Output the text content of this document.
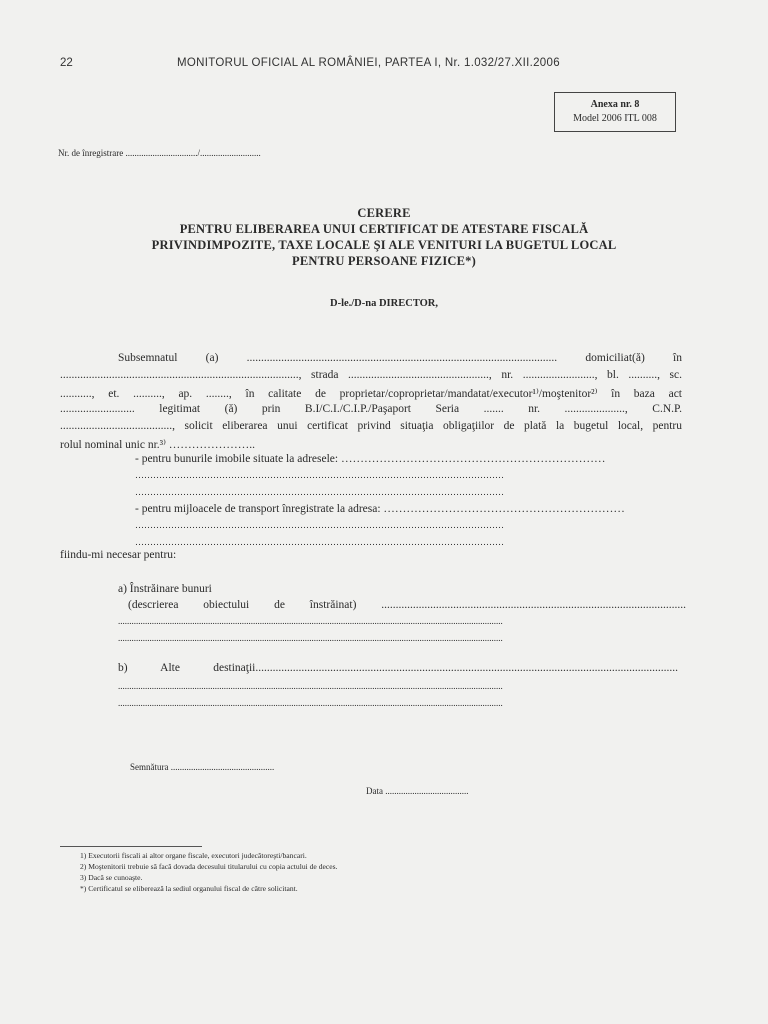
22	MONITORUL OFICIAL AL ROMÂNIEI, PARTEA I, Nr. 1.032/27.XII.2006
Anexa nr. 8
Model 2006 ITL 008
Nr. de înregistrare ................................/...........................
CERERE
PENTRU ELIBERAREA UNUI CERTIFICAT DE ATESTARE FISCALĂ
PRIVINDIMPOZITE, TAXE LOCALE ŞI ALE VENITURI LA BUGETUL LOCAL
PENTRU PERSOANE FIZICE*)
D-le./D-na DIRECTOR,
Subsemnatul (a) ............................................................................................................ domiciliat(ă) în
..................................................................................., strada ................................................., nr. ........................., bl. .........., sc.
..........., et. .........., ap. ........, în calitate de proprietar/coproprietar/mandatat/executor¹⁾/moştenitor²⁾ în baza act
.......................... legitimat (ă) prin B.I/C.I./C.I.P./Paşaport Seria ....... nr. ....................., C.N.P.
......................................., solicit eliberarea unui certificat privind situaţia obligaţiilor de plată la bugetul local, pentru
rolul nominal unic nr.³⁾ …………………..
- pentru bunurile imobile situate la adresele: ……………………………………………………………
……………………………………………………………………………………………………………
……………………………………………………………………………………………………………
- pentru mijloacele de transport înregistrate la adresa: ………………………………………………………
……………………………………………………………………………………………………………
……………………………………………………………………………………………………………
fiindu-mi necesar pentru:
a) Înstrăinare bunuri
(descrierea obiectului de înstrăinat) ..........................................................................................................
...........................................................................................................................................................................
...........................................................................................................................................................................
b) Alte destinaţii...................................................................................................................................................
...........................................................................................................................................................................
...........................................................................................................................................................................
Semnătura ..............................................
Data .....................................
1) Executorii fiscali ai altor organe fiscale, executori judecătoreşti/bancari.
2) Moştenitorii trebuie să facă dovada decesului titularului cu copia actului de deces.
3) Dacă se cunoaşte.
*) Certificatul se eliberează la sediul organului fiscal de către solicitant.
